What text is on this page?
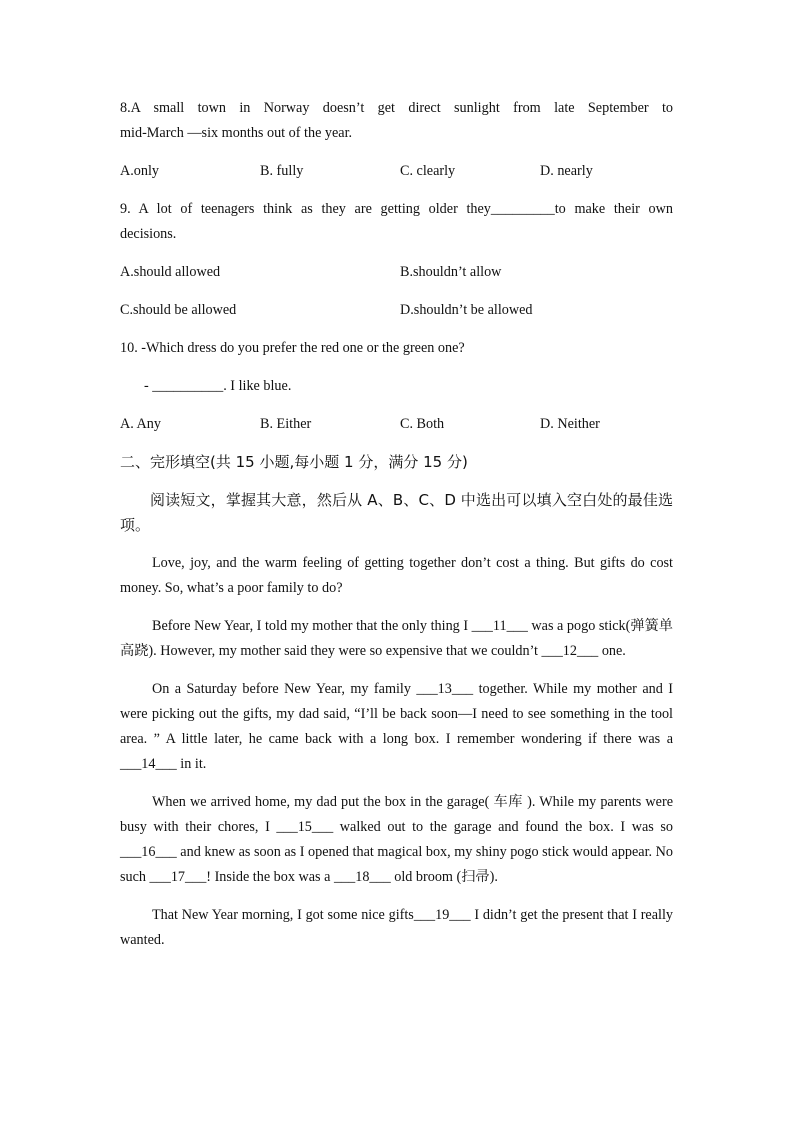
8.A small town in Norway doesn’t get direct sunlight from late September to
mid-March —six months out of the year.
A.only	B. fully	C. clearly	D. nearly
9. A lot of teenagers think as they are getting older they_________to make their own
decisions.
A.should allowed	B.shouldn’t allow
C.should be allowed	D.shouldn’t be allowed
10. -Which dress do you prefer the red one or the green one?
- __________. I like blue.
A. Any	B. Either	C. Both	D. Neither
二、完形填空(共 15 小题,每小题 1 分，满分 15 分)
阅读短文，掌握其大意，然后从 A、B、C、D 中选出可以填入空白处的最佳选项。
Love, joy, and the warm feeling of getting together don’t cost a thing. But gifts do cost money. So, what’s a poor family to do?
Before New Year, I told my mother that the only thing I ___11___ was a pogo stick(弹簧单高跷). However, my mother said they were so expensive that we couldn’t ___12___ one.
On a Saturday before New Year, my family ___13___ together. While my mother and I were picking out the gifts, my dad said, “I’ll be back soon—I need to see something in the tool area. ” A little later, he came back with a long box. I remember wondering if there was a ___14___ in it.
When we arrived home, my dad put the box in the garage( 车库 ). While my parents were busy with their chores, I ___15___ walked out to the garage and found the box. I was so ___16___ and knew as soon as I opened that magical box, my shiny pogo stick would appear. No such ___17___! Inside the box was a ___18___ old broom (扫帚).
That New Year morning, I got some nice gifts___19___ I didn’t get the present that I really wanted.
